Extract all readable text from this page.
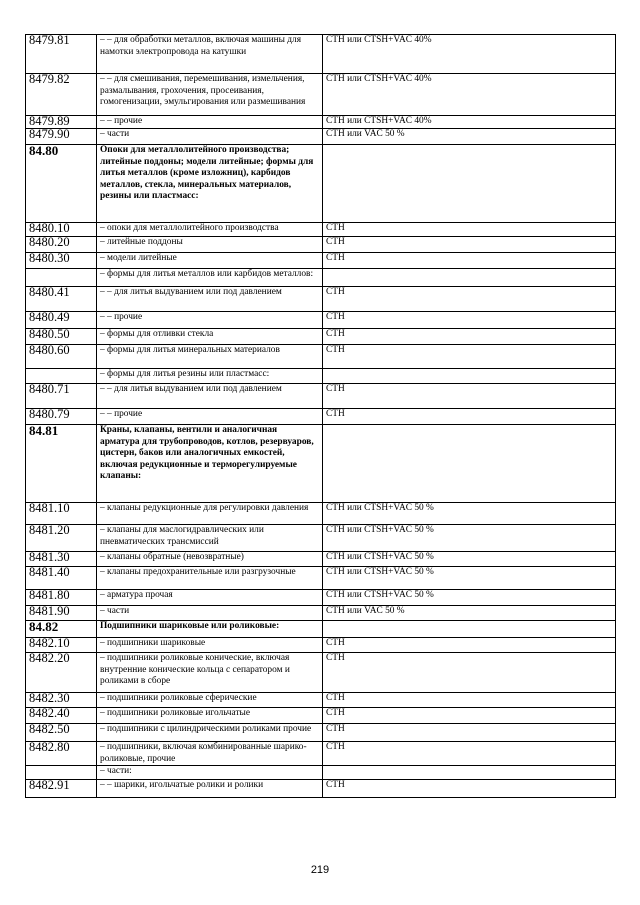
8479.81	– – для обработки металлов, включая машины для намотки электропровода на катушки	СТН или CTSH+VAC 40%
8479.82	– – для смешивания, перемешивания, измельчения, размалывания, грохочения, просеивания, гомогенизации, эмульгирования или размешивания	СТН или CTSH+VAC 40%
8479.89	– – прочие	СТН или CTSH+VAC 40%
8479.90	– части	СТН или VAC 50 %
84.80	Опоки для металлолитейного производства; литейные поддоны; модели литейные; формы для литья металлов (кроме изложниц), карбидов металлов, стекла, минеральных материалов, резины или пластмасс:	
8480.10	– опоки для металлолитейного производства	СТН
8480.20	– литейные поддоны	СТН
8480.30	– модели литейные	СТН
	– формы для литья металлов или карбидов металлов:	
8480.41	– – для литья выдуванием или под давлением	СТН
8480.49	– – прочие	СТН
8480.50	– формы для отливки стекла	СТН
8480.60	– формы для литья минеральных материалов	СТН
	– формы для литья резины или пластмасс:	
8480.71	– – для литья выдуванием или под давлением	СТН
8480.79	– – прочие	СТН
84.81	Краны, клапаны, вентили и аналогичная арматура для трубопроводов, котлов, резервуаров, цистерн, баков или аналогичных емкостей, включая редукционные и терморегулируемые клапаны:	
8481.10	– клапаны редукционные для регулировки давления	СТН или CTSH+VAC 50 %
8481.20	– клапаны для маслогидравлических или пневматических трансмиссий	СТН или CTSH+VAC 50 %
8481.30	– клапаны обратные (невозвратные)	СТН или CTSH+VAC 50 %
8481.40	– клапаны предохранительные или разгрузочные	СТН или CTSH+VAC 50 %
8481.80	– арматура прочая	СТН или CTSH+VAC 50 %
8481.90	– части	СТН или VAC 50 %
84.82	Подшипники шариковые или роликовые:	
8482.10	– подшипники шариковые	СТН
8482.20	– подшипники роликовые конические, включая внутренние конические кольца с сепаратором и роликами в сборе	СТН
8482.30	– подшипники роликовые сферические	СТН
8482.40	– подшипники роликовые игольчатые	СТН
8482.50	– подшипники с цилиндрическими роликами прочие	СТН
8482.80	– подшипники, включая комбинированные шарико-роликовые, прочие	СТН
	– части:	
8482.91	– – шарики, игольчатые ролики и ролики	СТН
219
